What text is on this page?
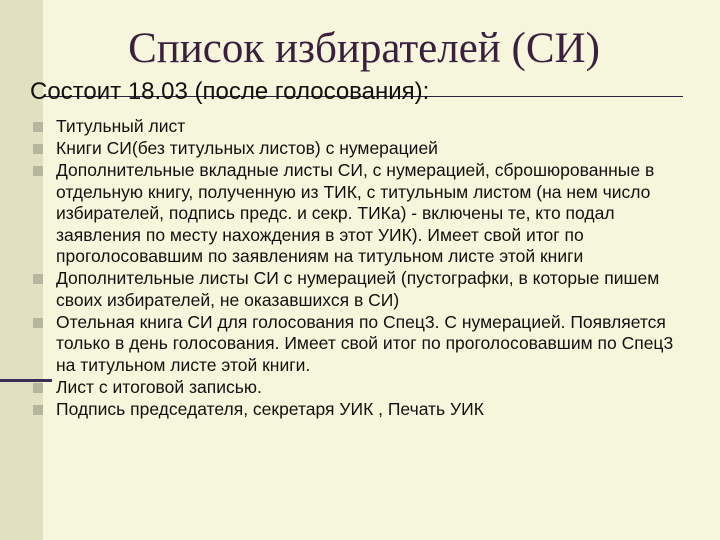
Список избирателей (СИ)
Состоит 18.03 (после голосования):
Титульный лист
Книги СИ(без титульных листов) с нумерацией
Дополнительные вкладные листы СИ, с нумерацией, сброшюрованные в отдельную книгу, полученную из ТИК, с титульным листом (на нем число избирателей, подпись предс. и секр. ТИКа) - включены те, кто подал заявления по месту нахождения в этот УИК). Имеет свой итог по проголосовавшим по заявлениям на титульном листе этой книги
Дополнительные листы СИ с нумерацией (пустографки, в которые пишем своих избирателей, не оказавшихся в СИ)
Отельная книга СИ для голосования по Спец3. С нумерацией. Появляется только в день голосования. Имеет свой итог по проголосовавшим по Спец3 на титульном листе этой книги.
Лист с итоговой записью.
Подпись председателя, секретаря УИК , Печать УИК
